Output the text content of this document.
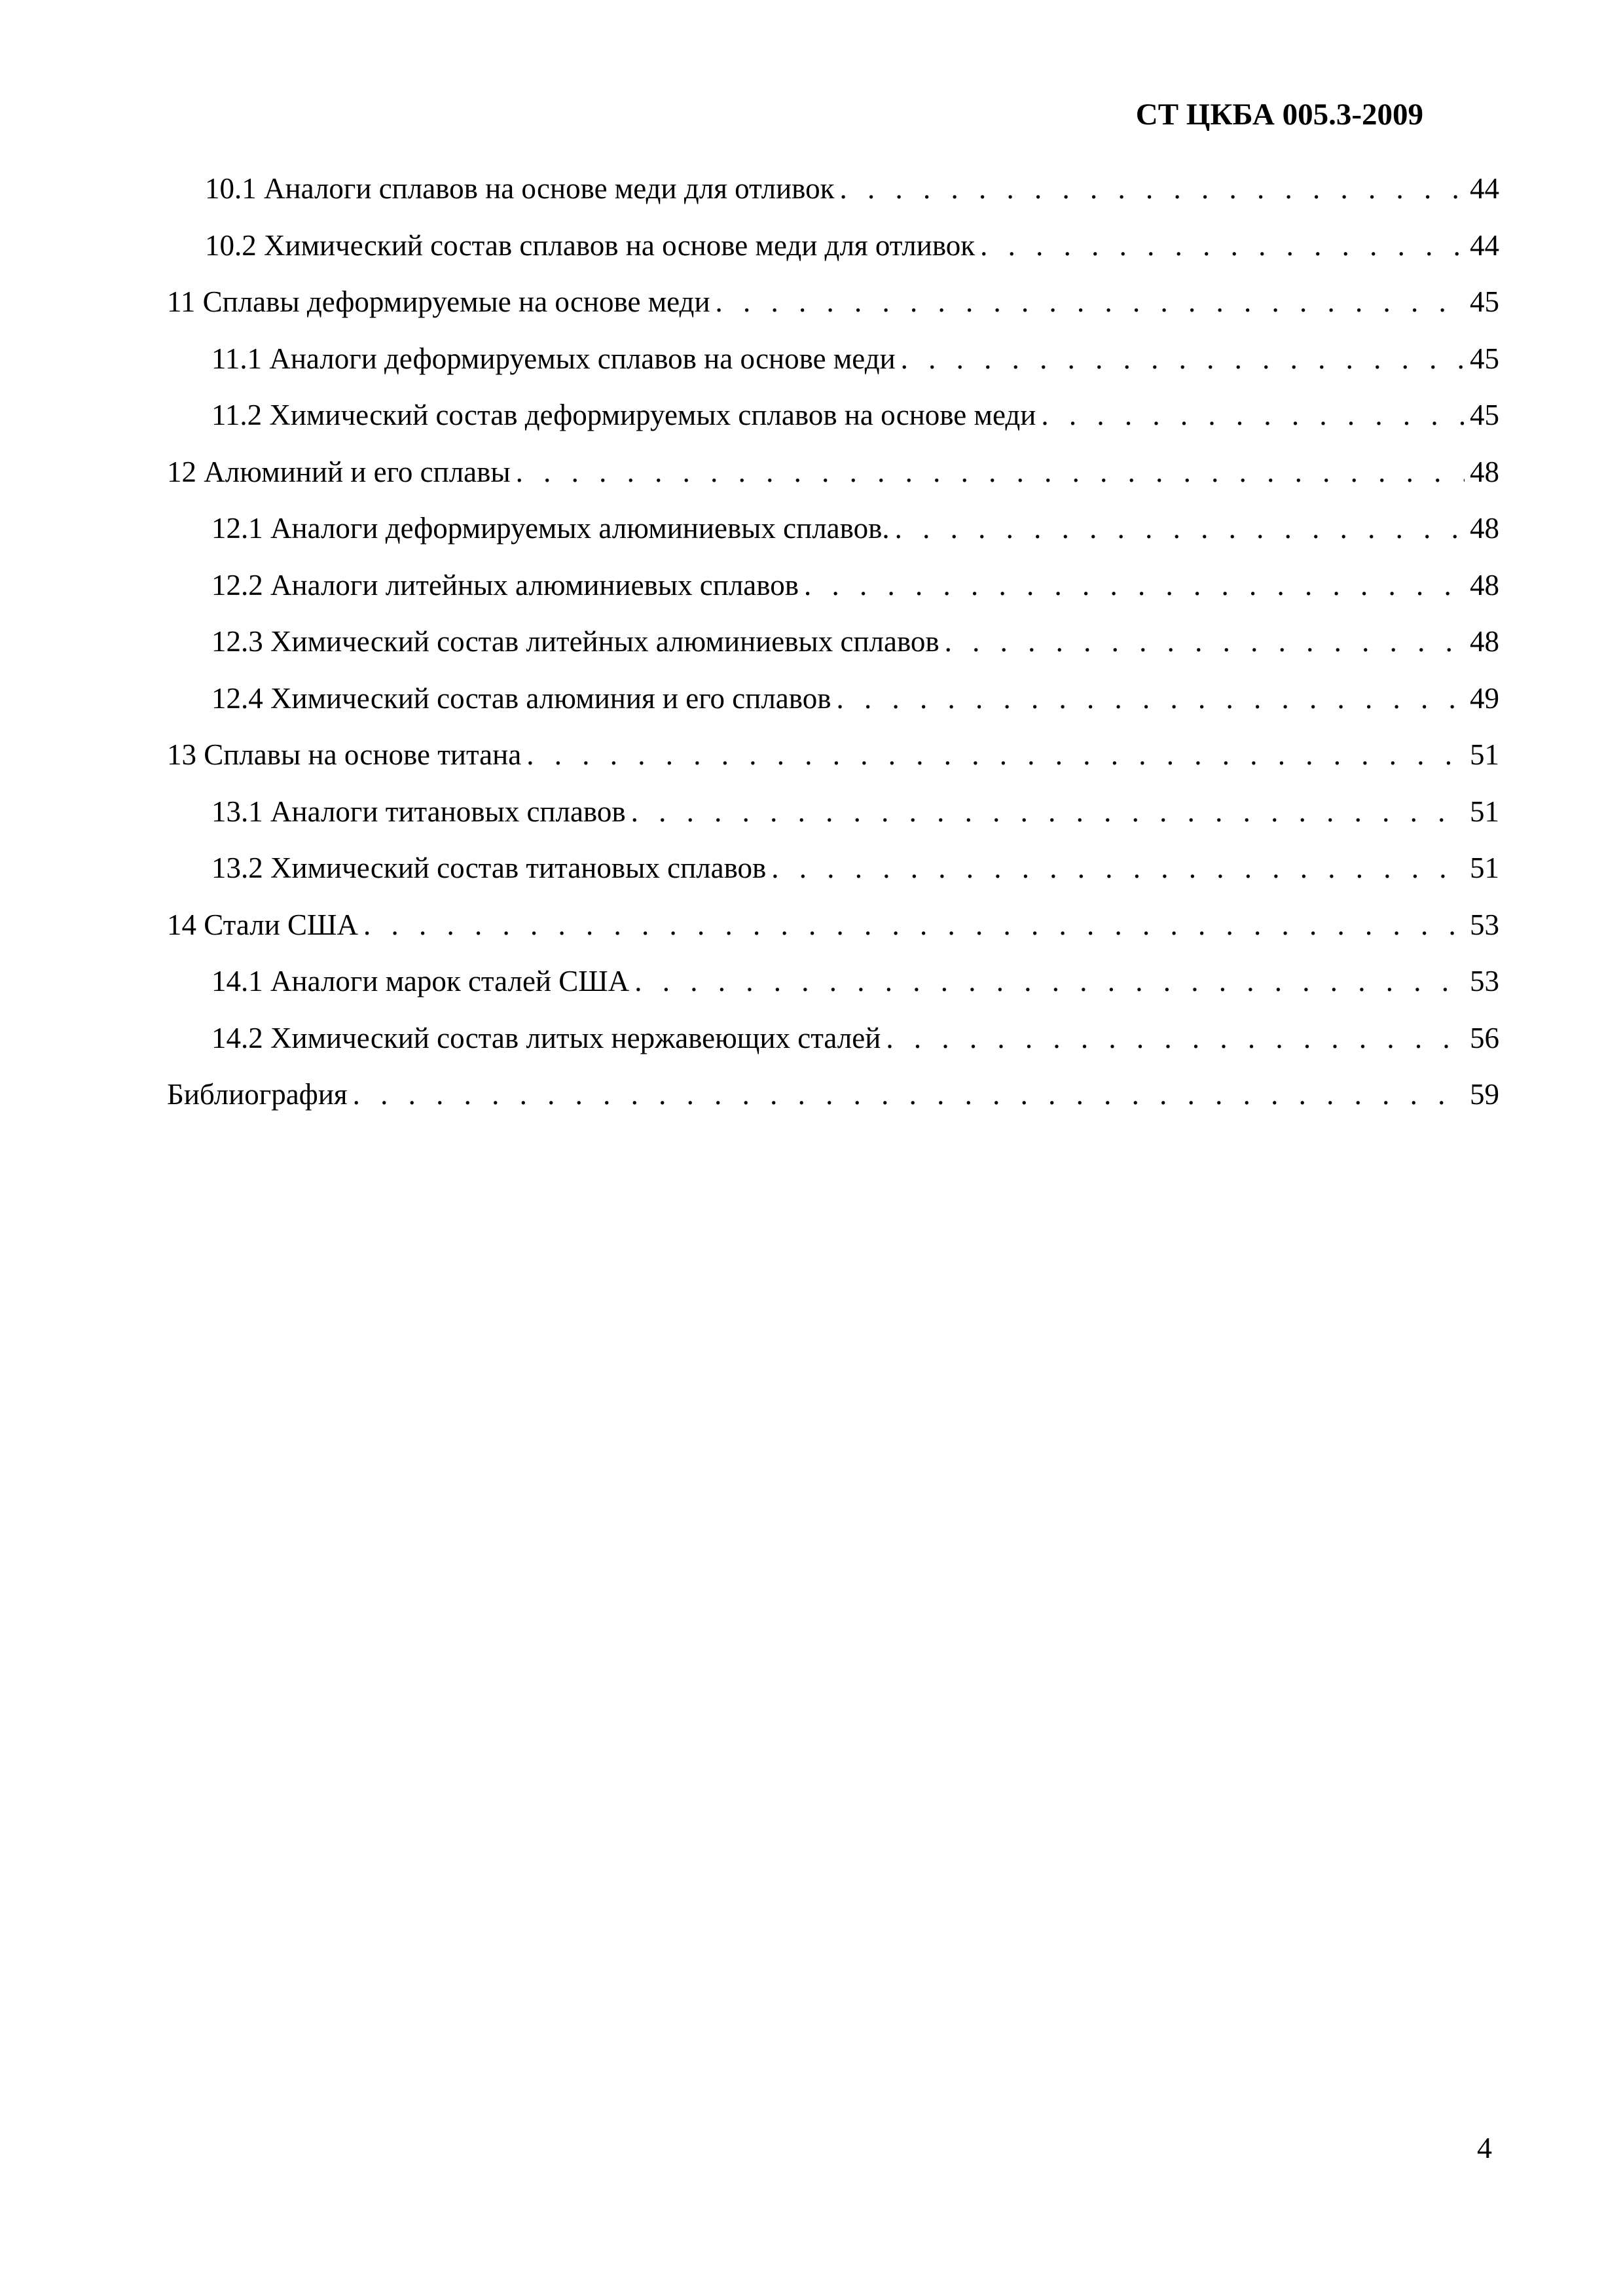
СТ ЦКБА 005.3-2009
10.1 Аналоги сплавов на основе меди для отливок . . .	44
10.2 Химический состав сплавов на основе меди для отливок . . .	44
11 Сплавы деформируемые на основе меди . . .	45
11.1 Аналоги деформируемых сплавов на основе меди . . .	45
11.2 Химический состав деформируемых сплавов на основе меди . . .	45
12 Алюминий и его сплавы . . .	48
12.1 Аналоги деформируемых алюминиевых сплавов. . . .	48
12.2 Аналоги литейных алюминиевых сплавов . . .	48
12.3 Химический состав литейных алюминиевых сплавов . . .	48
12.4 Химический состав алюминия и его сплавов . . .	49
13 Сплавы на основе титана . . .	51
13.1 Аналоги титановых сплавов . . .	51
13.2 Химический состав титановых сплавов . . .	51
14 Стали США . . .	53
14.1 Аналоги марок сталей США . . .	53
14.2 Химический состав литых нержавеющих сталей . . .	56
Библиография . . .	59
4
